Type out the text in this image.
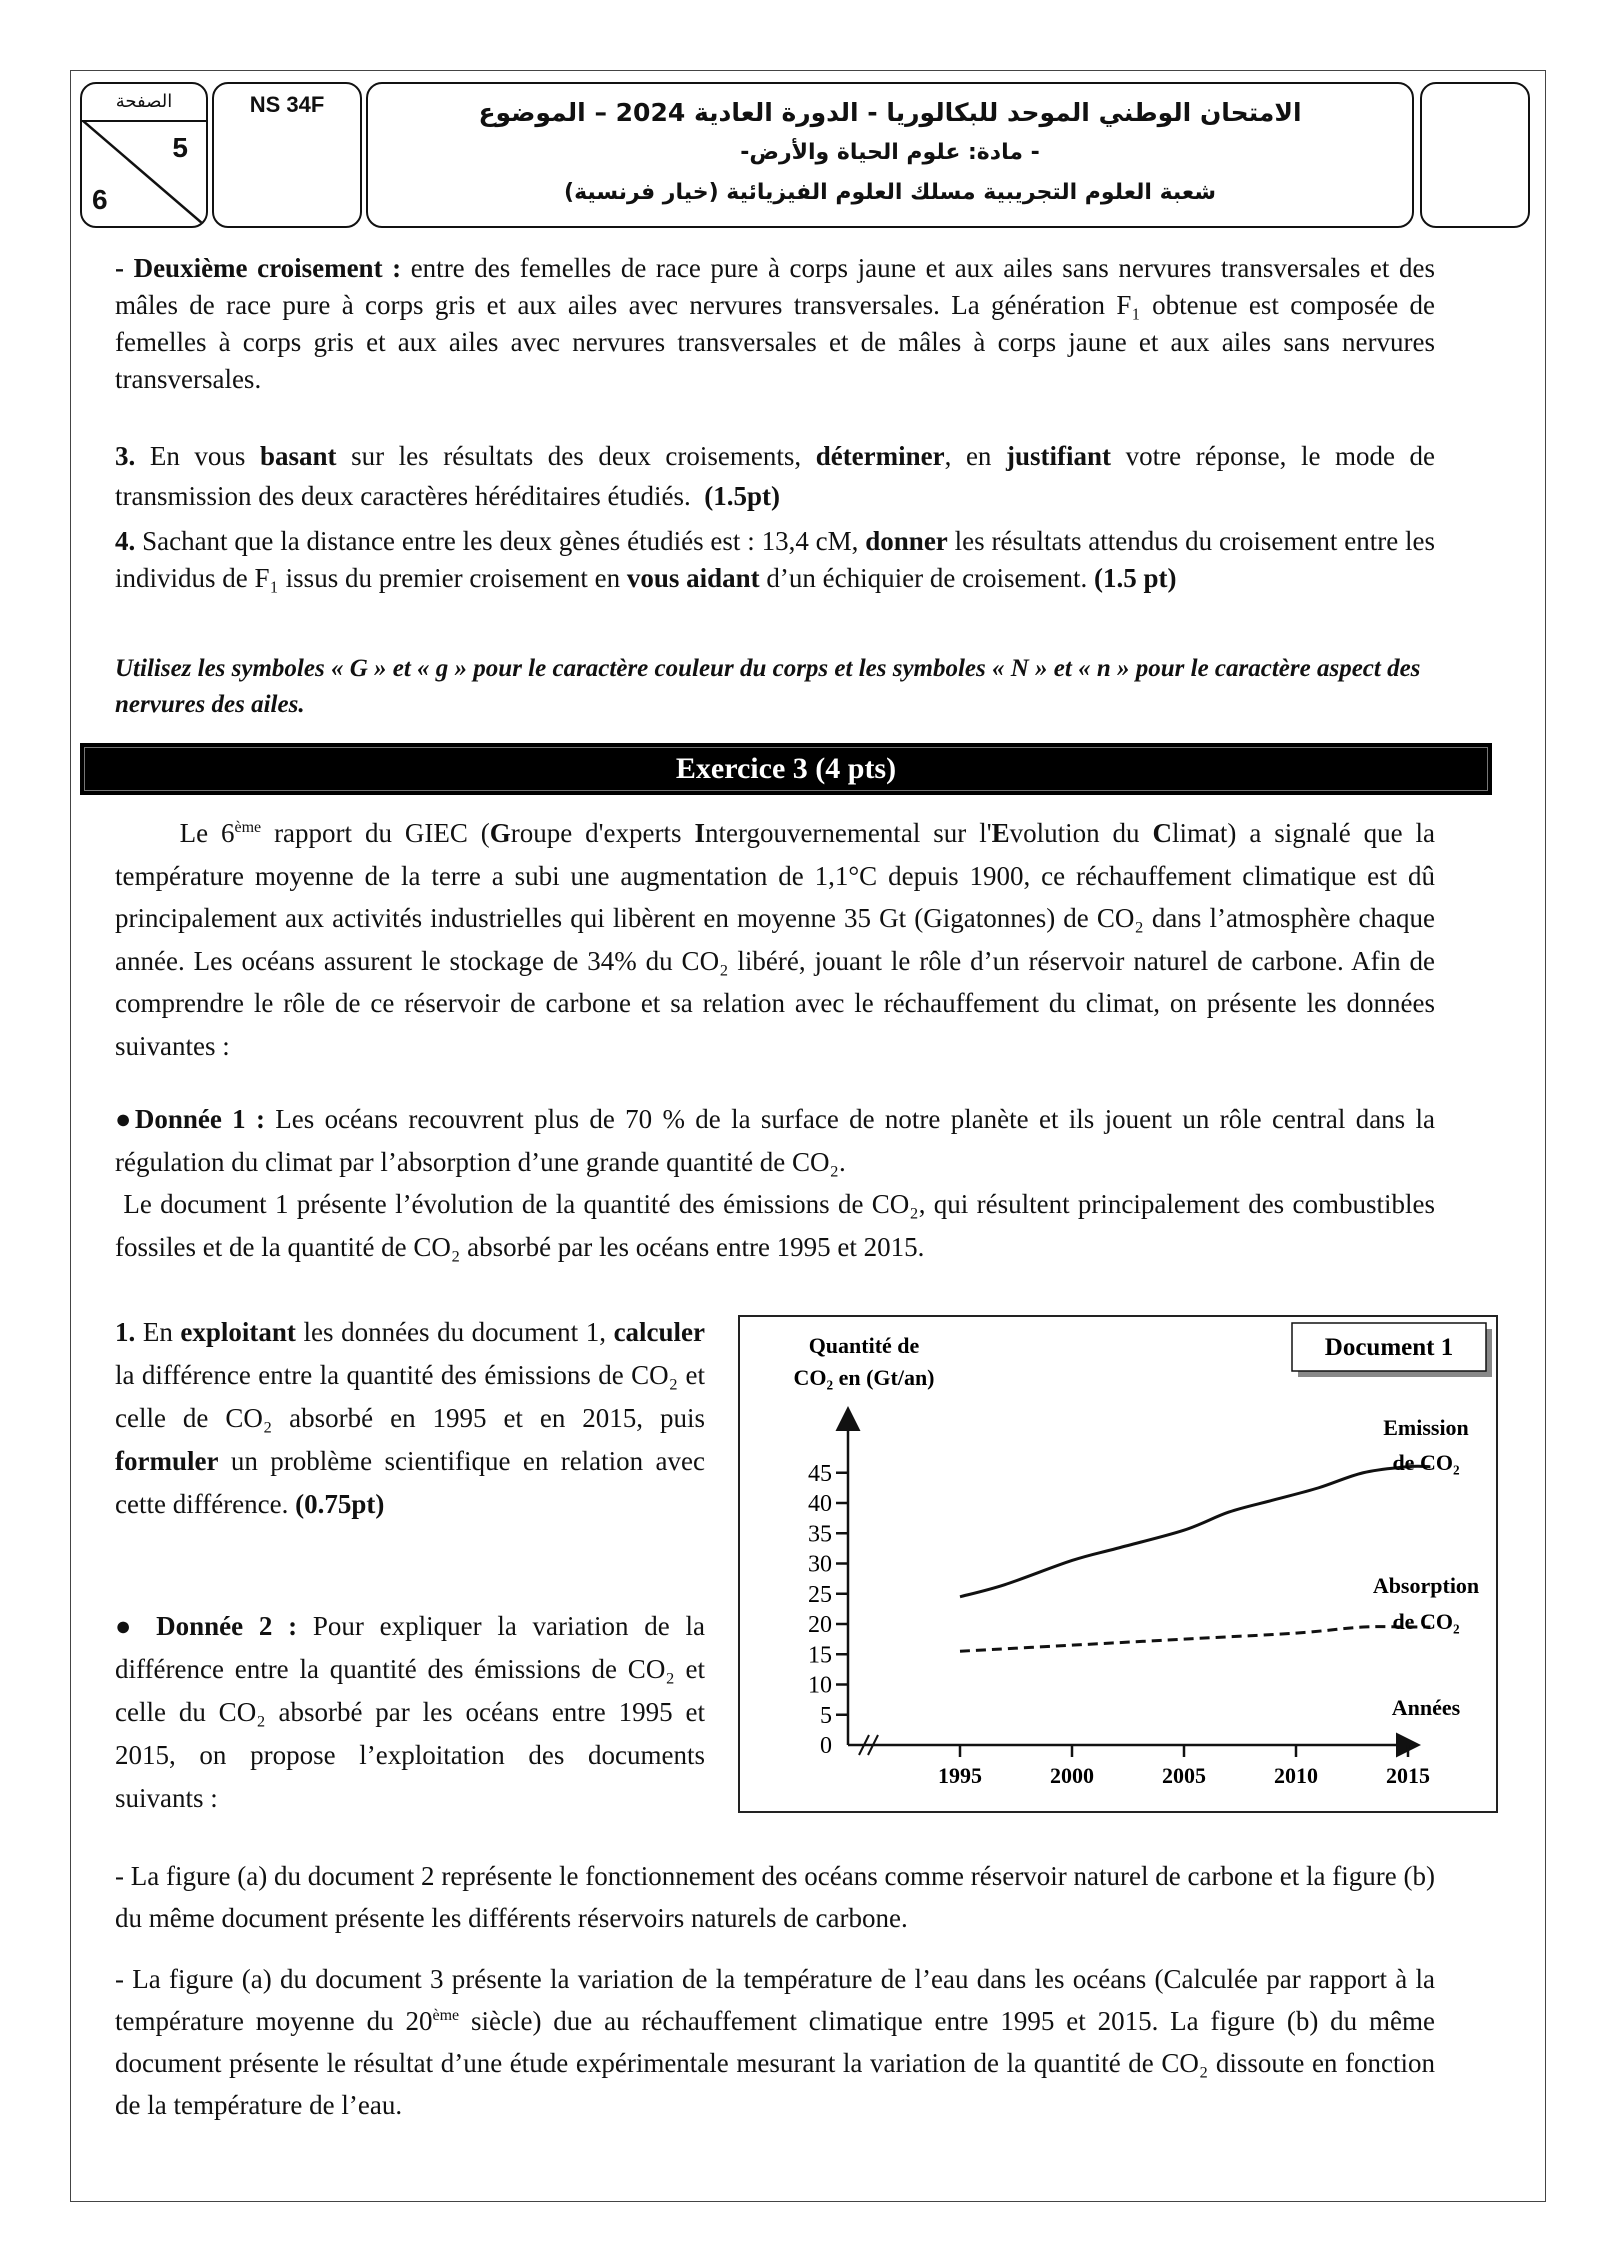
الصفحة
5
6
NS 34F	الامتحان الوطني الموحد للبكالوريا - الدورة العادية 2024 – الموضوع
- مادة: علوم الحياة والأرض-
شعبة العلوم التجريبية مسلك العلوم الفيزيائية (خيار فرنسية)

- Deuxième croisement : entre des femelles de race pure à corps jaune et aux ailes sans nervures transversales et des mâles de race pure à corps gris et aux ailes avec nervures transversales. La génération F₁ obtenue est composée de femelles à corps gris et aux ailes avec nervures transversales et de mâles à corps jaune et aux ailes sans nervures transversales.

3. En vous basant sur les résultats des deux croisements, déterminer, en justifiant votre réponse, le mode de transmission des deux caractères héréditaires étudiés. (1.5pt)

4. Sachant que la distance entre les deux gènes étudiés est : 13,4 cM, donner les résultats attendus du croisement entre les individus de F₁ issus du premier croisement en vous aidant d’un échiquier de croisement. (1.5 pt)

Utilisez les symboles « G » et « g » pour le caractère couleur du corps et les symboles « N » et « n » pour le caractère aspect des nervures des ailes.

Exercice 3 (4 pts)

Le 6ème rapport du GIEC (Groupe d'experts Intergouvernemental sur l'Evolution du Climat) a signalé que la température moyenne de la terre a subi une augmentation de 1,1°C depuis 1900, ce réchauffement climatique est dû principalement aux activités industrielles qui libèrent en moyenne 35 Gt (Gigatonnes) de CO₂ dans l’atmosphère chaque année. Les océans assurent le stockage de 34% du CO₂ libéré, jouant le rôle d’un réservoir naturel de carbone. Afin de comprendre le rôle de ce réservoir de carbone et sa relation avec le réchauffement du climat, on présente les données suivantes :

●Donnée 1 : Les océans recouvrent plus de 70 % de la surface de notre planète et ils jouent un rôle central dans la régulation du climat par l’absorption d’une grande quantité de CO₂.
Le document 1 présente l’évolution de la quantité des émissions de CO₂, qui résultent principalement des combustibles fossiles et de la quantité de CO₂ absorbé par les océans entre 1995 et 2015.

1. En exploitant les données du document 1, calculer la différence entre la quantité des émissions de CO₂ et celle de CO₂ absorbé en 1995 et en 2015, puis formuler un problème scientifique en relation avec cette différence. (0.75pt)

● Donnée 2 : Pour expliquer la variation de la différence entre la quantité des émissions de CO₂ et celle du CO₂ absorbé par les océans entre 1995 et 2015, on propose l’exploitation des documents suivants :

Document 1
Quantité de
CO₂ en (Gt/an)
0
5
10
15
20
25
30
35
40
45
1995	2000	2005	2010	2015
Emission
de CO₂
Absorption
de CO₂
Années

- La figure (a) du document 2 représente le fonctionnement des océans comme réservoir naturel de carbone et la figure (b) du même document présente les différents réservoirs naturels de carbone.

- La figure (a) du document 3 présente la variation de la température de l’eau dans les océans (Calculée par rapport à la température moyenne du 20ème siècle) due au réchauffement climatique entre 1995 et 2015. La figure (b) du même document présente le résultat d’une étude expérimentale mesurant la variation de la quantité de CO₂ dissoute en fonction de la température de l’eau.
